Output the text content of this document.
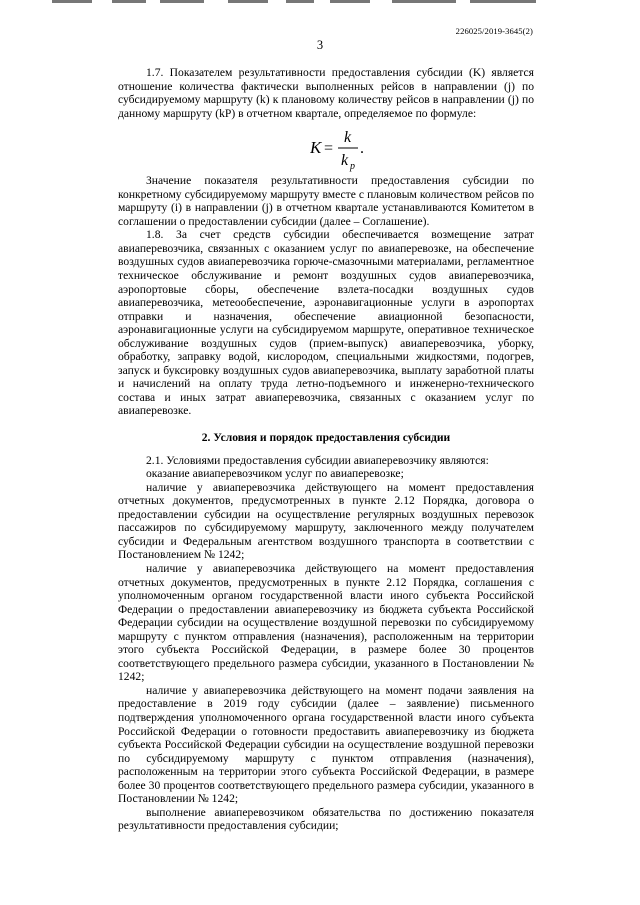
226025/2019-3645(2)
3

1.7. Показателем результативности предоставления субсидии (K) является отношение количества фактически выполненных рейсов в направлении (j) по субсидируемому маршруту (k) к плановому количеству рейсов в направлении (j) по данному маршруту (kP) в отчетном квартале, определяемое по формуле:

K =
k
k p
.

Значение показателя результативности предоставления субсидии по конкретному субсидируемому маршруту вместе с плановым количеством рейсов по маршруту (i) в направлении (j) в отчетном квартале устанавливаются Комитетом в соглашении о предоставлении субсидии (далее – Соглашение).

1.8. За счет средств субсидии обеспечивается возмещение затрат авиаперевозчика, связанных с оказанием услуг по авиаперевозке, на обеспечение воздушных судов авиаперевозчика горюче-смазочными материалами, регламентное техническое обслуживание и ремонт воздушных судов авиаперевозчика, аэропортовые сборы, обеспечение взлета-посадки воздушных судов авиаперевозчика, метеообеспечение, аэронавигационные услуги в аэропортах отправки и назначения, обеспечение авиационной безопасности, аэронавигационные услуги на субсидируемом маршруте, оперативное техническое обслуживание воздушных судов (прием-выпуск) авиаперевозчика, уборку, обработку, заправку водой, кислородом, специальными жидкостями, подогрев, запуск и буксировку воздушных судов авиаперевозчика, выплату заработной платы и начислений на оплату труда летно-подъемного и инженерно-технического состава и иных затрат авиаперевозчика, связанных с оказанием услуг по авиаперевозке.

2. Условия и порядок предоставления субсидии

2.1. Условиями предоставления субсидии авиаперевозчику являются:

оказание авиаперевозчиком услуг по авиаперевозке;

наличие у авиаперевозчика действующего на момент предоставления отчетных документов, предусмотренных в пункте 2.12 Порядка, договора о предоставлении субсидии на осуществление регулярных воздушных перевозок пассажиров по субсидируемому маршруту, заключенного между получателем субсидии и Федеральным агентством воздушного транспорта в соответствии с Постановлением № 1242;

наличие у авиаперевозчика действующего на момент предоставления отчетных документов, предусмотренных в пункте 2.12 Порядка, соглашения с уполномоченным органом государственной власти иного субъекта Российской Федерации о предоставлении авиаперевозчику из бюджета субъекта Российской Федерации субсидии на осуществление воздушной перевозки по субсидируемому маршруту с пунктом отправления (назначения), расположенным на территории этого субъекта Российской Федерации, в размере более 30 процентов соответствующего предельного размера субсидии, указанного в Постановлении № 1242;

наличие у авиаперевозчика действующего на момент подачи заявления на предоставление в 2019 году субсидии (далее – заявление) письменного подтверждения уполномоченного органа государственной власти иного субъекта Российской Федерации о готовности предоставить авиаперевозчику из бюджета субъекта Российской Федерации субсидии на осуществление воздушной перевозки по субсидируемому маршруту с пунктом отправления (назначения), расположенным на территории этого субъекта Российской Федерации, в размере более 30 процентов соответствующего предельного размера субсидии, указанного в Постановлении № 1242;

выполнение авиаперевозчиком обязательства по достижению показателя результативности предоставления субсидии;
